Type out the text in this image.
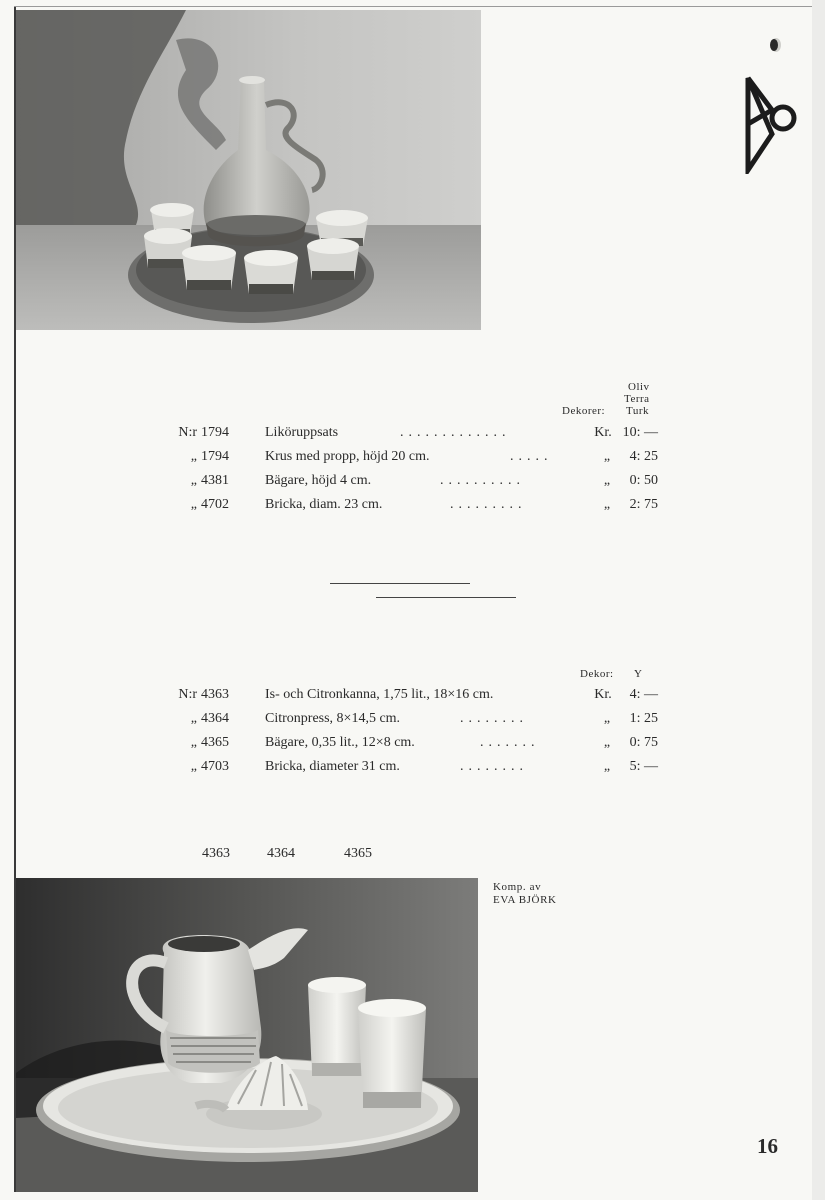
Oliv
Terra
Dekorer: Turk
.............
N:r 1794	Liköruppsats	Kr. 10: —
.....
„ 1794	Krus med propp, höjd 20 cm.	„	4: 25
..........
„ 4381	Bägare, höjd 4 cm.	„	0: 50
.........
„ 4702	Bricka, diam. 23 cm.	„	2: 75
Dekor: Y
N:r 4363	Is- och Citronkanna, 1,75 lit., 18×16 cm.	Kr.	4: —
........
„ 4364	Citronpress, 8×14,5 cm.	„	1: 25
.......
„ 4365	Bägare, 0,35 lit., 12×8 cm.	„	0: 75
........
„ 4703	Bricka, diameter 31 cm.	„	5: —
4363	4364	4365
Komp. av
EVA BJÖRK
16
